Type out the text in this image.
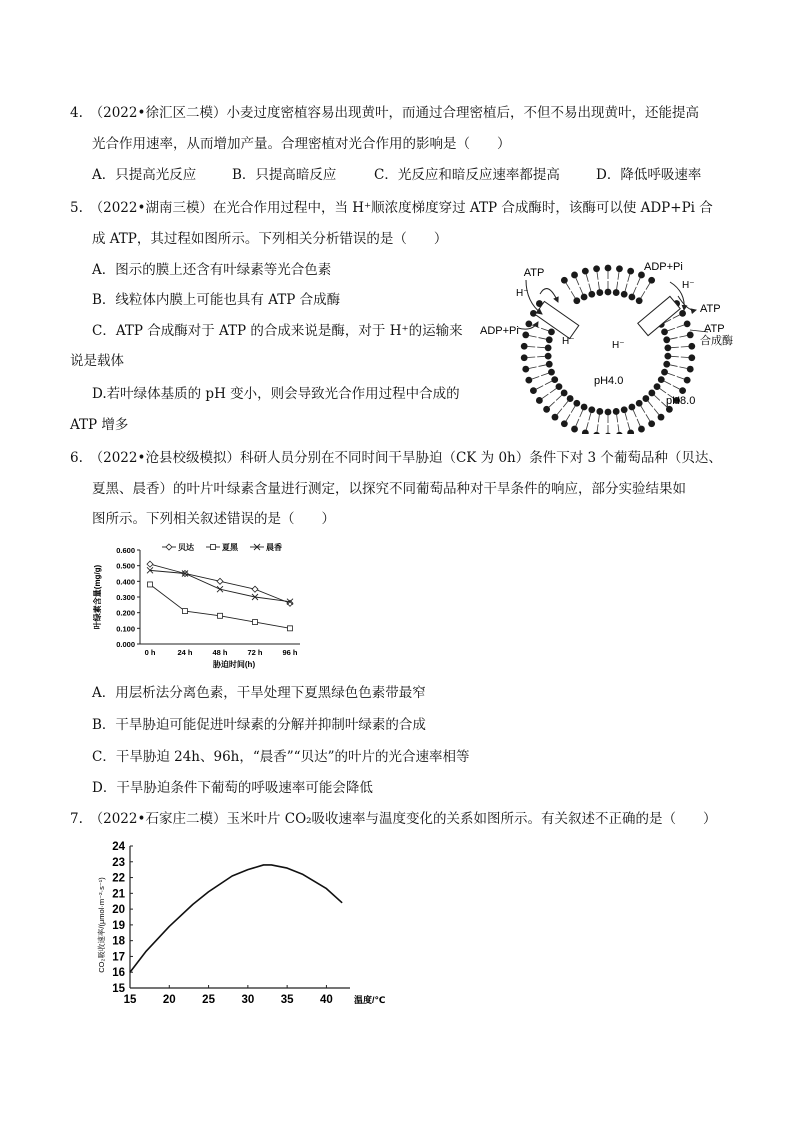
4.　（2022•徐汇区二模）小麦过度密植容易出现黄叶，而通过合理密植后，不但不易出现黄叶，还能提高
光合作用速率，从而增加产量。合理密植对光合作用的影响是（　　）
A．只提高光反应	B．只提高暗反应	C．光反应和暗反应速率都提高	D．降低呼吸速率
5.　（2022•湖南三模）在光合作用过程中，当 H⁺顺浓度梯度穿过 ATP 合成酶时，该酶可以使 ADP+Pi 合
成 ATP，其过程如图所示。下列相关分析错误的是（　　）
A．图示的膜上还含有叶绿素等光合色素
B．线粒体内膜上可能也具有 ATP 合成酶
C．ATP 合成酶对于 ATP 的合成来说是酶，对于 H⁺的运输来
说是载体
D.若叶绿体基质的 pH 变小，则会导致光合作用过程中合成的
ATP 增多
ATP
H⁻
ADP+Pi
H⁻
ADP+Pi
H⁻
ATP
ATP
合成酶
H⁻
pH4.0
pH8.0
6.　（2022•沧县校级模拟）科研人员分别在不同时间干旱胁迫（CK 为 0h）条件下对 3 个葡萄品种（贝达、
夏黑、晨香）的叶片叶绿素含量进行测定，以探究不同葡萄品种对干旱条件的响应，部分实验结果如
图所示。下列相关叙述错误的是（　　）
0.000
0.100
0.200
0.300
0.400
0.500
0.600
0 h	24 h	48 h	72 h	96 h
胁迫时间(h)
叶绿素含量(mg/g)
贝达	夏黑	晨香
A．用层析法分离色素，干旱处理下夏黑绿色色素带最窄
B．干旱胁迫可能促进叶绿素的分解并抑制叶绿素的合成
C．干旱胁迫 24h、96h，“晨香”“贝达”的叶片的光合速率相等
D．干旱胁迫条件下葡萄的呼吸速率可能会降低
7.　（2022•石家庄二模）玉米叶片 CO₂吸收速率与温度变化的关系如图所示。有关叙述不正确的是（　　）
15
16
17
18
19
20
21
22
23
24
15 20 25 30 35 40 温度/℃
CO₂吸收速率/(μmol·m⁻²·s⁻¹)
